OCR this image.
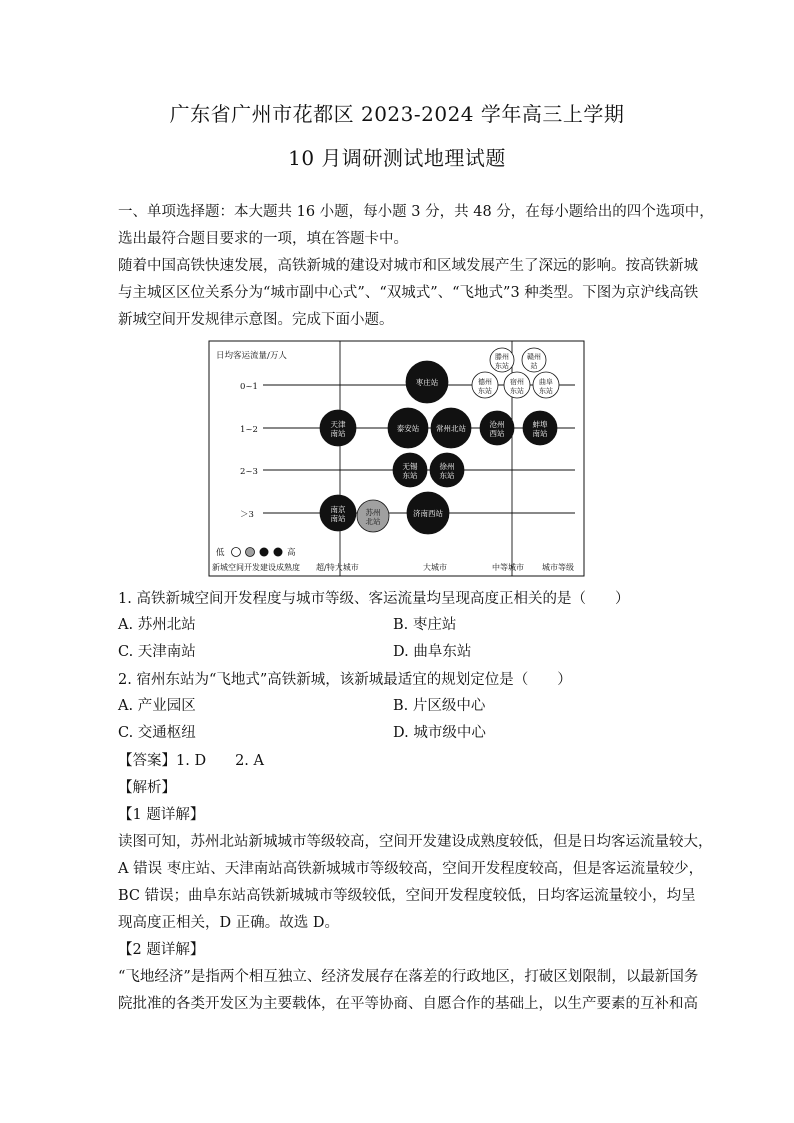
广东省广州市花都区 2023-2024 学年高三上学期
10 月调研测试地理试题
一、单项选择题：本大题共 16 小题，每小题 3 分，共 48 分，在每小题给出的四个选项中，
选出最符合题目要求的一项，填在答题卡中。
随着中国高铁快速发展，高铁新城的建设对城市和区域发展产生了深远的影响。按高铁新城
与主城区区位关系分为“城市副中心式”、“双城式”、“飞地式”3 种类型。下图为京沪线高铁
新城空间开发规律示意图。完成下面小题。
日均客运流量/万人
0~1
1~2
2~3
＞3
枣庄站
滕州
东站
赣州
站
德州
东站
宿州
东站
曲阜
东站
天津
南站
泰安站 常州北站	沧州
西站
蚌埠
南站
无锡
东站
徐州
东站
南京
南站
苏州
北站
济南西站
低	高
新城空间开发建设成熟度 超/特大城市	大城市	中等城市 城市等级
1. 高铁新城空间开发程度与城市等级、客运流量均呈现高度正相关的是（　　）
A. 苏州北站	B. 枣庄站
C. 天津南站	D. 曲阜东站
2. 宿州东站为“飞地式”高铁新城，该新城最适宜的规划定位是（　　）
A. 产业园区	B. 片区级中心
C. 交通枢纽	D. 城市级中心
【答案】1. D　　2. A
【解析】
【1 题详解】
读图可知，苏州北站新城城市等级较高，空间开发建设成熟度较低，但是日均客运流量较大，
A 错误 枣庄站、天津南站高铁新城城市等级较高，空间开发程度较高，但是客运流量较少，
BC 错误；曲阜东站高铁新城城市等级较低，空间开发程度较低，日均客运流量较小，均呈
现高度正相关，D 正确。故选 D。
【2 题详解】
“飞地经济”是指两个相互独立、经济发展存在落差的行政地区，打破区划限制，以最新国务
院批准的各类开发区为主要载体，在平等协商、自愿合作的基础上，以生产要素的互补和高
